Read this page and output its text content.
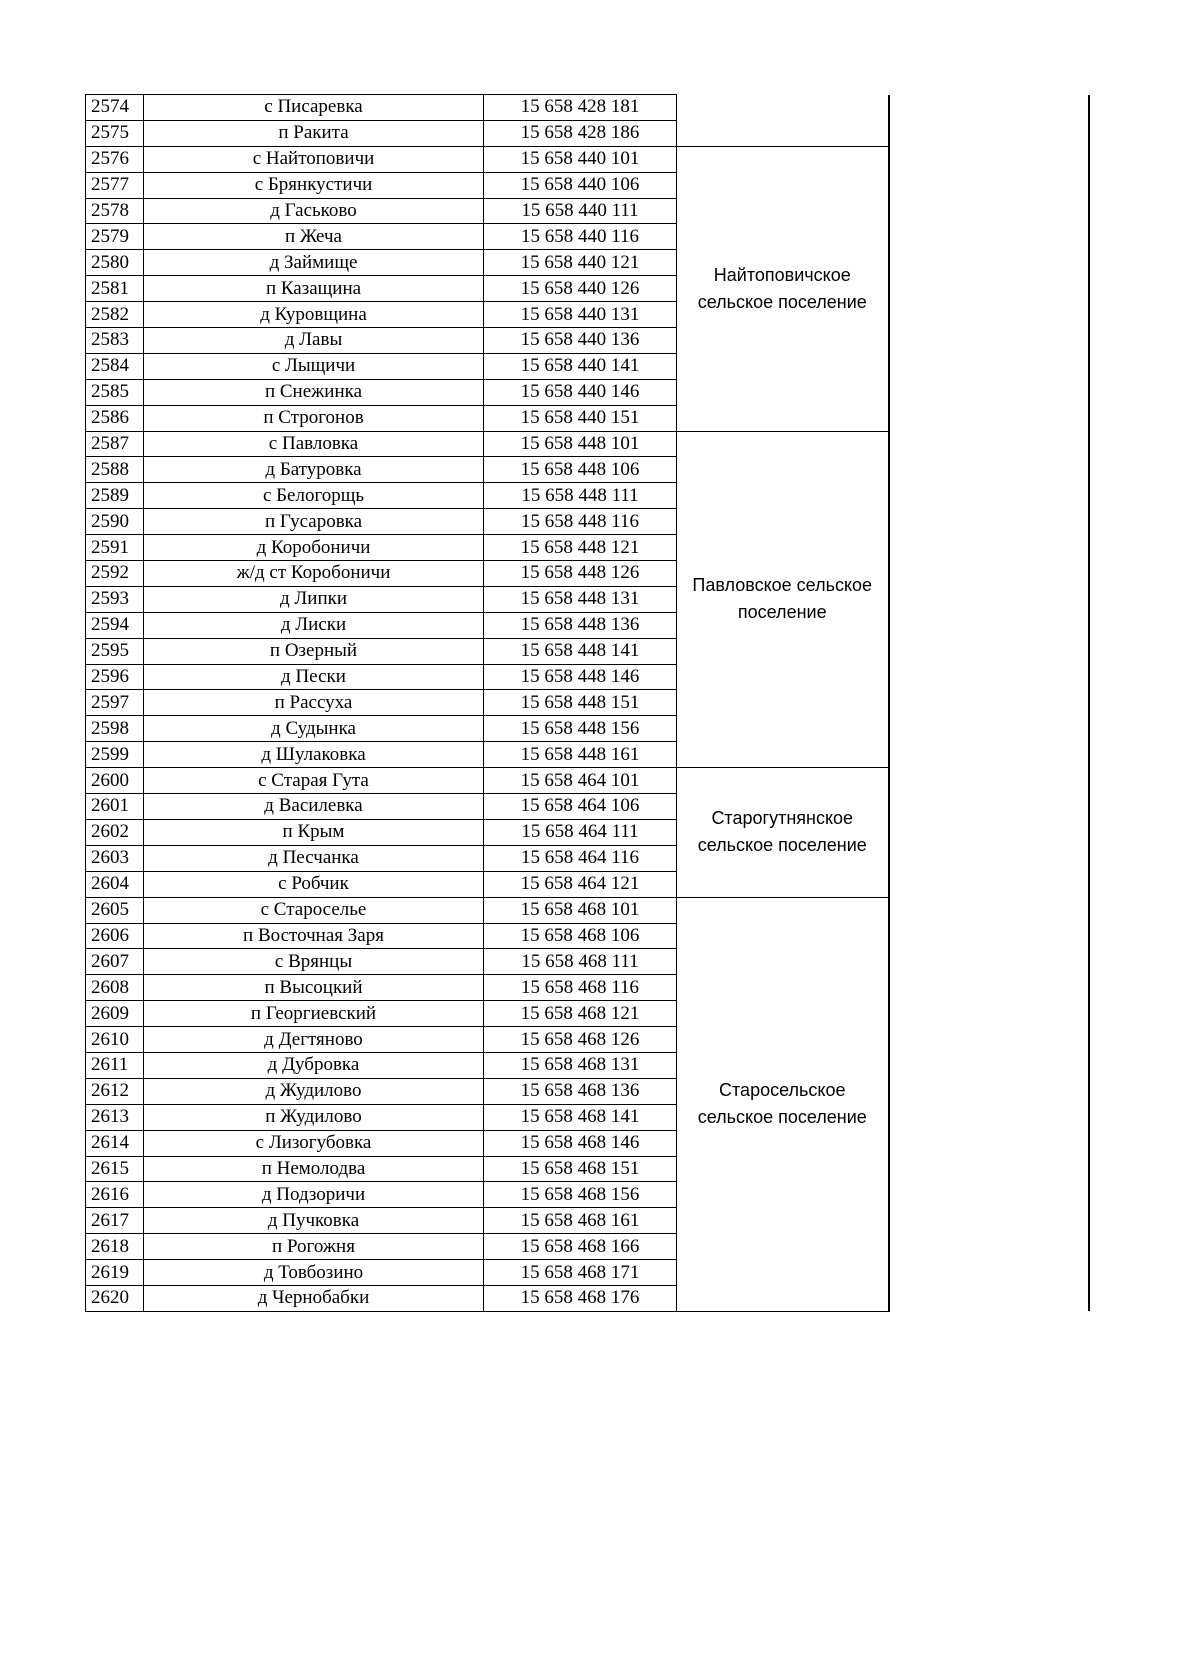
2574	с Писаревка	15 658 428 181		
2575	п Ракита	15 658 428 186		
2576	с Найтоповичи	15 658 440 101	Найтоповичское сельское поселение	
2577	с Брянкустичи	15 658 440 106		
2578	д Гаськово	15 658 440 111		
2579	п Жеча	15 658 440 116		
2580	д Займище	15 658 440 121		
2581	п Казащина	15 658 440 126		
2582	д Куровщина	15 658 440 131		
2583	д Лавы	15 658 440 136		
2584	с Лыщичи	15 658 440 141		
2585	п Снежинка	15 658 440 146		
2586	п Строгонов	15 658 440 151		
2587	с Павловка	15 658 448 101	Павловское сельское поселение	
2588	д Батуровка	15 658 448 106		
2589	с Белогорщь	15 658 448 111		
2590	п Гусаровка	15 658 448 116		
2591	д Коробоничи	15 658 448 121		
2592	ж/д ст Коробоничи	15 658 448 126		
2593	д Липки	15 658 448 131		
2594	д Лиски	15 658 448 136		
2595	п Озерный	15 658 448 141		
2596	д Пески	15 658 448 146		
2597	п Рассуха	15 658 448 151		
2598	д Судынка	15 658 448 156		
2599	д Шулаковка	15 658 448 161		
2600	с Старая Гута	15 658 464 101	Старогутнянское сельское поселение	
2601	д Василевка	15 658 464 106		
2602	п Крым	15 658 464 111		
2603	д Песчанка	15 658 464 116		
2604	с Робчик	15 658 464 121		
2605	с Староселье	15 658 468 101	Старосельское сельское поселение	
2606	п Восточная Заря	15 658 468 106		
2607	с Врянцы	15 658 468 111		
2608	п Высоцкий	15 658 468 116		
2609	п Георгиевский	15 658 468 121		
2610	д Дегтяново	15 658 468 126		
2611	д Дубровка	15 658 468 131		
2612	д Жудилово	15 658 468 136		
2613	п Жудилово	15 658 468 141		
2614	с Лизогубовка	15 658 468 146		
2615	п Немолодва	15 658 468 151		
2616	д Подзоричи	15 658 468 156		
2617	д Пучковка	15 658 468 161		
2618	п Рогожня	15 658 468 166		
2619	д Товбозино	15 658 468 171		
2620	д Чернобабки	15 658 468 176		
